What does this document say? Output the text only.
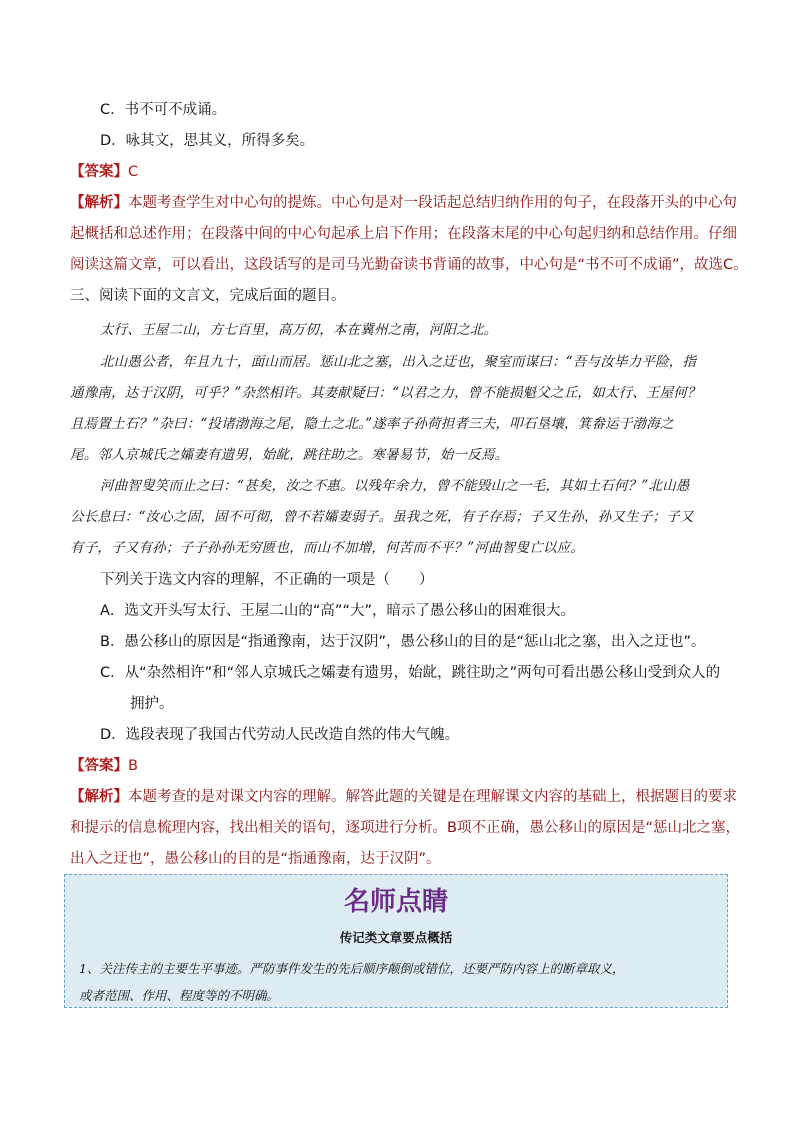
C．书不可不成诵。
D．咏其文，思其义，所得多矣。
【答案】C
【解析】本题考查学生对中心句的提炼。中心句是对一段话起总结归纳作用的句子，在段落开头的中心句
起概括和总述作用；在段落中间的中心句起承上启下作用；在段落末尾的中心句起归纳和总结作用。仔细
阅读这篇文章，可以看出，这段话写的是司马光勤奋读书背诵的故事，中心句是“书不可不成诵”，故选C。
三、阅读下面的文言文，完成后面的题目。
太行、王屋二山，方七百里，高万仞，本在冀州之南，河阳之北。
北山愚公者，年且九十，面山而居。惩山北之塞，出入之迂也，聚室而谋曰：“吾与汝毕力平险，指
通豫南，达于汉阴，可乎？”杂然相许。其妻献疑曰：“以君之力，曾不能损魁父之丘，如太行、王屋何？
且焉置土石？”杂曰：“投诸渤海之尾，隐土之北。”遂率子孙荷担者三夫，叩石垦壤，箕畚运于渤海之
尾。邻人京城氏之孀妻有遗男，始龀，跳往助之。寒暑易节，始一反焉。
河曲智叟笑而止之曰：“甚矣，汝之不惠。以残年余力，曾不能毁山之一毛，其如土石何？”北山愚
公长息曰：“汝心之固，固不可彻，曾不若孀妻弱子。虽我之死，有子存焉；子又生孙，孙又生子；子又
有子，子又有孙；子子孙孙无穷匮也，而山不加增，何苦而不平？”河曲智叟亡以应。
下列关于选文内容的理解，不正确的一项是（　　）
A．选文开头写太行、王屋二山的“高”“大”，暗示了愚公移山的困难很大。
B．愚公移山的原因是“指通豫南，达于汉阴”，愚公移山的目的是“惩山北之塞，出入之迂也”。
C．从“杂然相许”和“邻人京城氏之孀妻有遗男，始龀，跳往助之”两句可看出愚公移山受到众人的
拥护。
D．选段表现了我国古代劳动人民改造自然的伟大气魄。
【答案】B
【解析】本题考查的是对课文内容的理解。解答此题的关键是在理解课文内容的基础上，根据题目的要求
和提示的信息梳理内容，找出相关的语句，逐项进行分析。B项不正确，愚公移山的原因是“惩山北之塞，
出入之迂也”，愚公移山的目的是“指通豫南，达于汉阴”。
名师点睛
传记类文章要点概括
1、关注传主的主要生平事迹。严防事件发生的先后顺序颠倒或错位，还要严防内容上的断章取义，
或者范围、作用、程度等的不明确。
